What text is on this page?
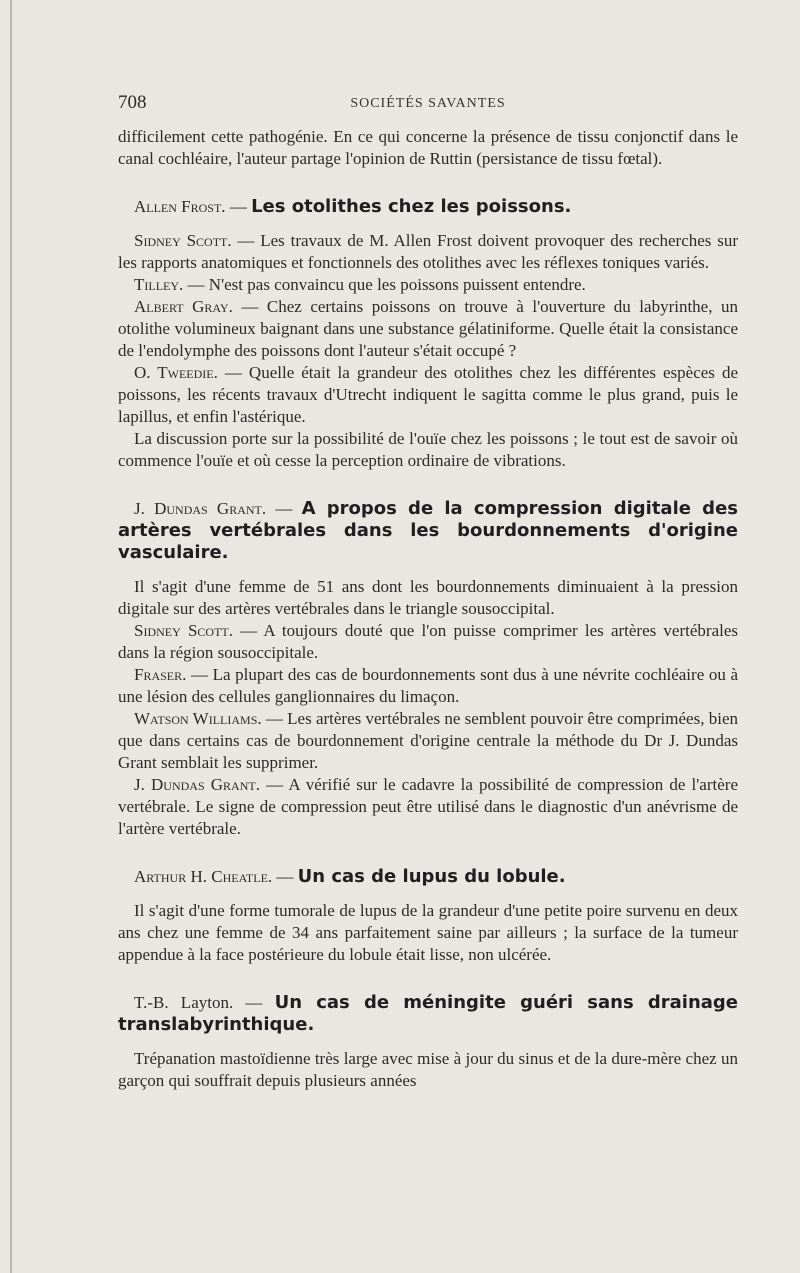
708	SOCIÉTÉS SAVANTES

difficilement cette pathogénie. En ce qui concerne la présence de tissu conjonctif dans le canal cochléaire, l'auteur partage l'opinion de Ruttin (persistance de tissu fœtal).

Allen Frost. — Les otolithes chez les poissons.

Sidney Scott. — Les travaux de M. Allen Frost doivent provoquer des recherches sur les rapports anatomiques et fonctionnels des otolithes avec les réflexes toniques variés.

Tilley. — N'est pas convaincu que les poissons puissent entendre.

Albert Gray. — Chez certains poissons on trouve à l'ouverture du labyrinthe, un otolithe volumineux baignant dans une substance gélatiniforme. Quelle était la consistance de l'endolymphe des poissons dont l'auteur s'était occupé ?

O. Tweedie. — Quelle était la grandeur des otolithes chez les différentes espèces de poissons, les récents travaux d'Utrecht indiquent le sagitta comme le plus grand, puis le lapillus, et enfin l'astérique.

La discussion porte sur la possibilité de l'ouïe chez les poissons ; le tout est de savoir où commence l'ouïe et où cesse la perception ordinaire de vibrations.

J. Dundas Grant. — A propos de la compression digitale des artères vertébrales dans les bourdonnements d'origine vasculaire.

Il s'agit d'une femme de 51 ans dont les bourdonnements diminuaient à la pression digitale sur des artères vertébrales dans le triangle sousoccipital.

Sidney Scott. — A toujours douté que l'on puisse comprimer les artères vertébrales dans la région sousoccipitale.

Fraser. — La plupart des cas de bourdonnements sont dus à une névrite cochléaire ou à une lésion des cellules ganglionnaires du limaçon.

Watson Williams. — Les artères vertébrales ne semblent pouvoir être comprimées, bien que dans certains cas de bourdonnement d'origine centrale la méthode du Dr J. Dundas Grant semblait les supprimer.

J. Dundas Grant. — A vérifié sur le cadavre la possibilité de compression de l'artère vertébrale. Le signe de compression peut être utilisé dans le diagnostic d'un anévrisme de l'artère vertébrale.

Arthur H. Cheatle. — Un cas de lupus du lobule.

Il s'agit d'une forme tumorale de lupus de la grandeur d'une petite poire survenu en deux ans chez une femme de 34 ans parfaitement saine par ailleurs ; la surface de la tumeur appendue à la face postérieure du lobule était lisse, non ulcérée.

T.-B. Layton. — Un cas de méningite guéri sans drainage translabyrinthique.

Trépanation mastoïdienne très large avec mise à jour du sinus et de la dure-mère chez un garçon qui souffrait depuis plusieurs années
